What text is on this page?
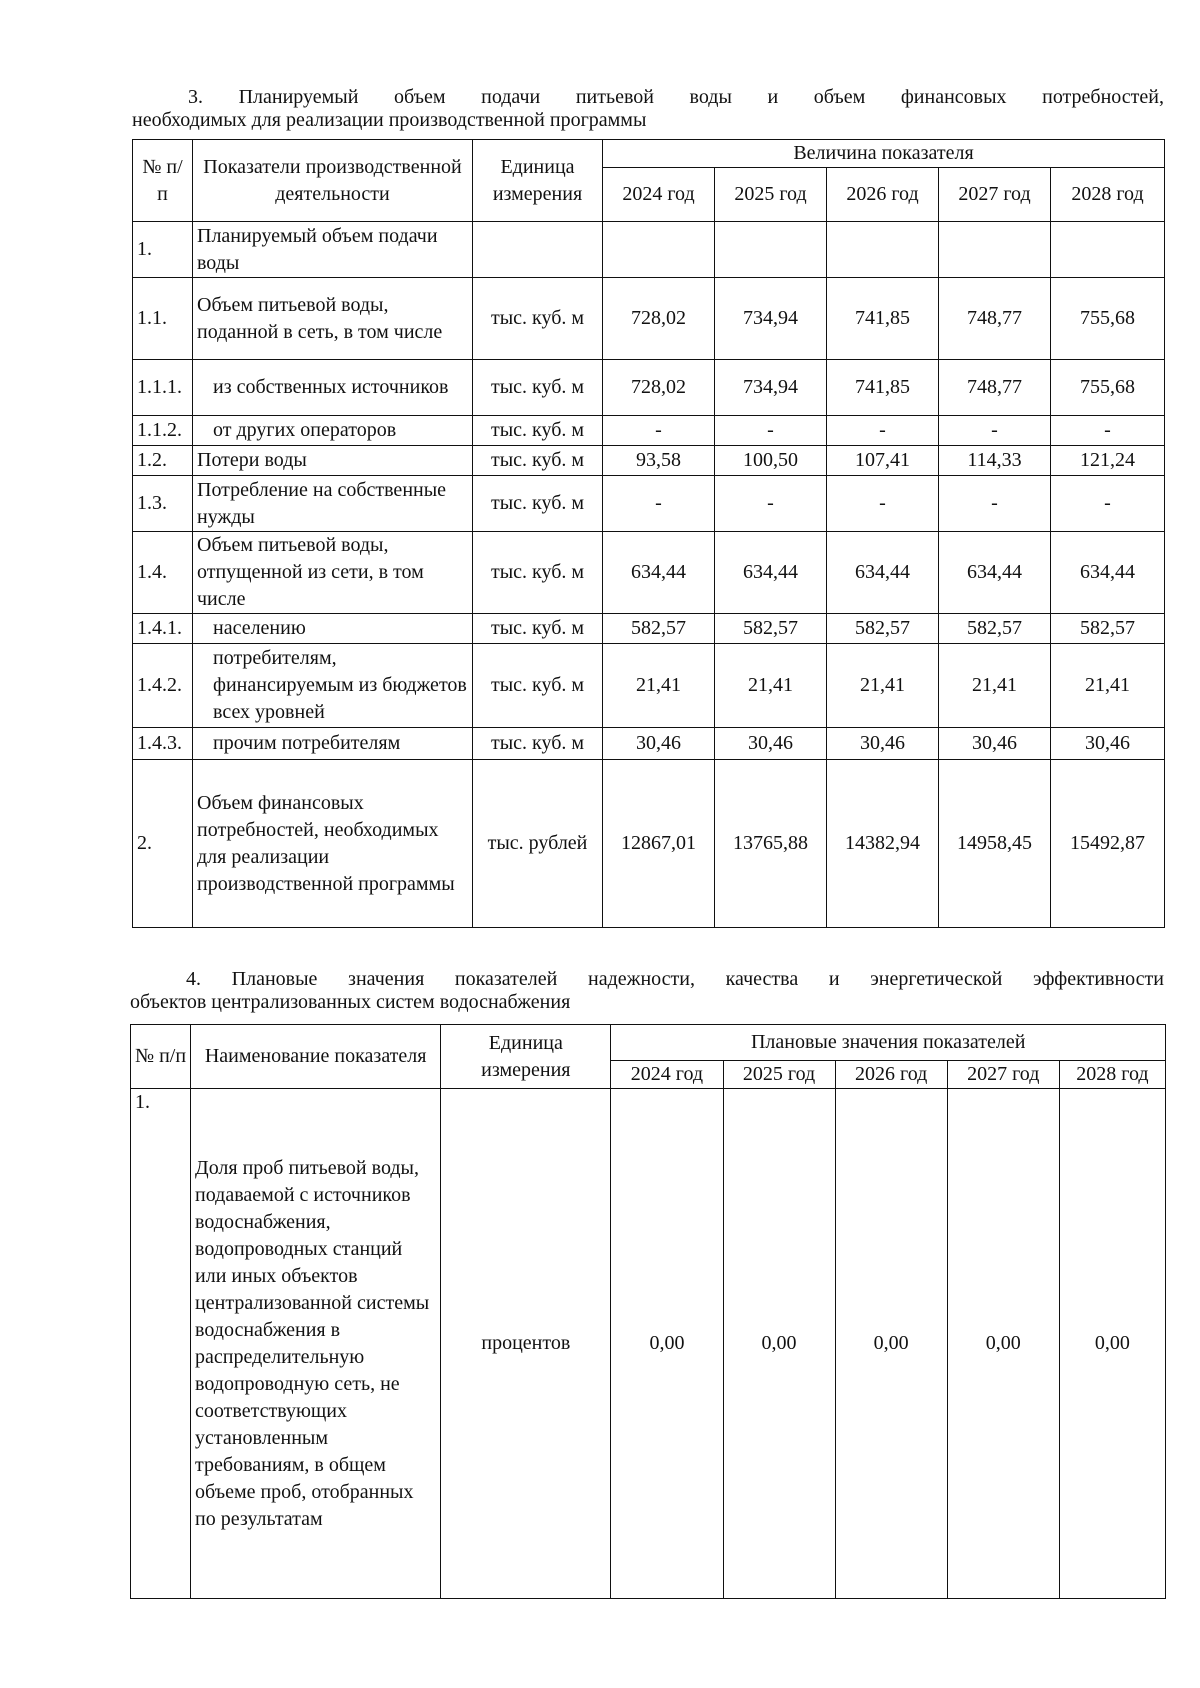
3. Планируемый объем подачи питьевой воды и объем финансовых потребностей,
необходимых для реализации производственной программы
№ п/п	Показатели производственной деятельности	Единица измерения	Величина показателя				
			2024 год	2025 год	2026 год	2027 год	2028 год
1.	Планируемый объем подачи воды						
1.1.	Объем питьевой воды, поданной в сеть, в том числе	тыс. куб. м	728,02	734,94	741,85	748,77	755,68
1.1.1.	из собственных источников	тыс. куб. м	728,02	734,94	741,85	748,77	755,68
1.1.2.	от других операторов	тыс. куб. м	-	-	-	-	-
1.2.	Потери воды	тыс. куб. м	93,58	100,50	107,41	114,33	121,24
1.3.	Потребление на собственные нужды	тыс. куб. м	-	-	-	-	-
1.4.	Объем питьевой воды, отпущенной из сети, в том числе	тыс. куб. м	634,44	634,44	634,44	634,44	634,44
1.4.1.	населению	тыс. куб. м	582,57	582,57	582,57	582,57	582,57
1.4.2.	потребителям, финансируемым из бюджетов всех уровней	тыс. куб. м	21,41	21,41	21,41	21,41	21,41
1.4.3.	прочим потребителям	тыс. куб. м	30,46	30,46	30,46	30,46	30,46
2.	Объем финансовых потребностей, необходимых для реализации производственной программы	тыс. рублей	12867,01	13765,88	14382,94	14958,45	15492,87
4. Плановые значения показателей надежности, качества и энергетической эффективности
объектов централизованных систем водоснабжения
№ п/п	Наименование показателя	Единица измерения	Плановые значения показателей				
			2024 год	2025 год	2026 год	2027 год	2028 год
1.	Доля проб питьевой воды, подаваемой с источников водоснабжения, водопроводных станций или иных объектов централизованной системы водоснабжения в распределительную водопроводную сеть, не соответствующих установленным требованиям, в общем объеме проб, отобранных по результатам	процентов	0,00	0,00	0,00	0,00	0,00
